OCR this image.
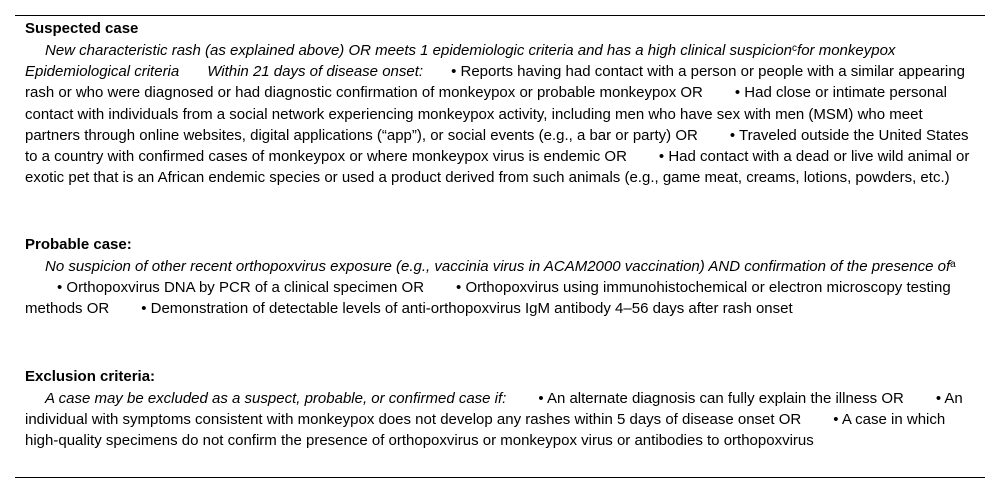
Suspected case

New characteristic rash (as explained above) OR meets 1 epidemiologic criteria and has a high clinical suspicion$^c$for monkeypoxEpidemiological criteria Within 21 days of disease onset: • Reports having had contact with a person or people with a similar appearing rash or who were diagnosed or had diagnostic confirmation of monkeypox or probable monkeypox OR • Had close or intimate personal contact with individuals from a social network experiencing monkeypox activity, including men who have sex with men (MSM) who meet partners through online websites, digital applications (“app”), or social events (e.g., a bar or party) OR • Traveled outside the United States to a country with confirmed cases of monkeypox or where monkeypox virus is endemic OR • Had contact with a dead or live wild animal or exotic pet that is an African endemic species or used a product derived from such animals (e.g., game meat, creams, lotions, powders, etc.)

Probable case:

No suspicion of other recent orthopoxvirus exposure (e.g., vaccinia virus in ACAM2000 vaccination) AND confirmation of the presence $of^a•$ Orthopoxvirus DNA by PCR of a clinical specimen OR • Orthopoxvirus using immunohistochemical or electron microscopy testing methods OR • Demonstration of detectable levels of anti-orthopoxvirus IgM antibody 4–56 days after rash onset

Exclusion criteria:

A case may be excluded as a suspect, probable, or confirmed case if: • An alternate diagnosis can fully explain the illness OR • An individual with symptoms consistent with monkeypox does not develop any rashes within 5 days of disease onset OR • A case in which high-quality specimens do not confirm the presence of orthopoxvirus or monkeypox virus or antibodies to orthopoxvirus
